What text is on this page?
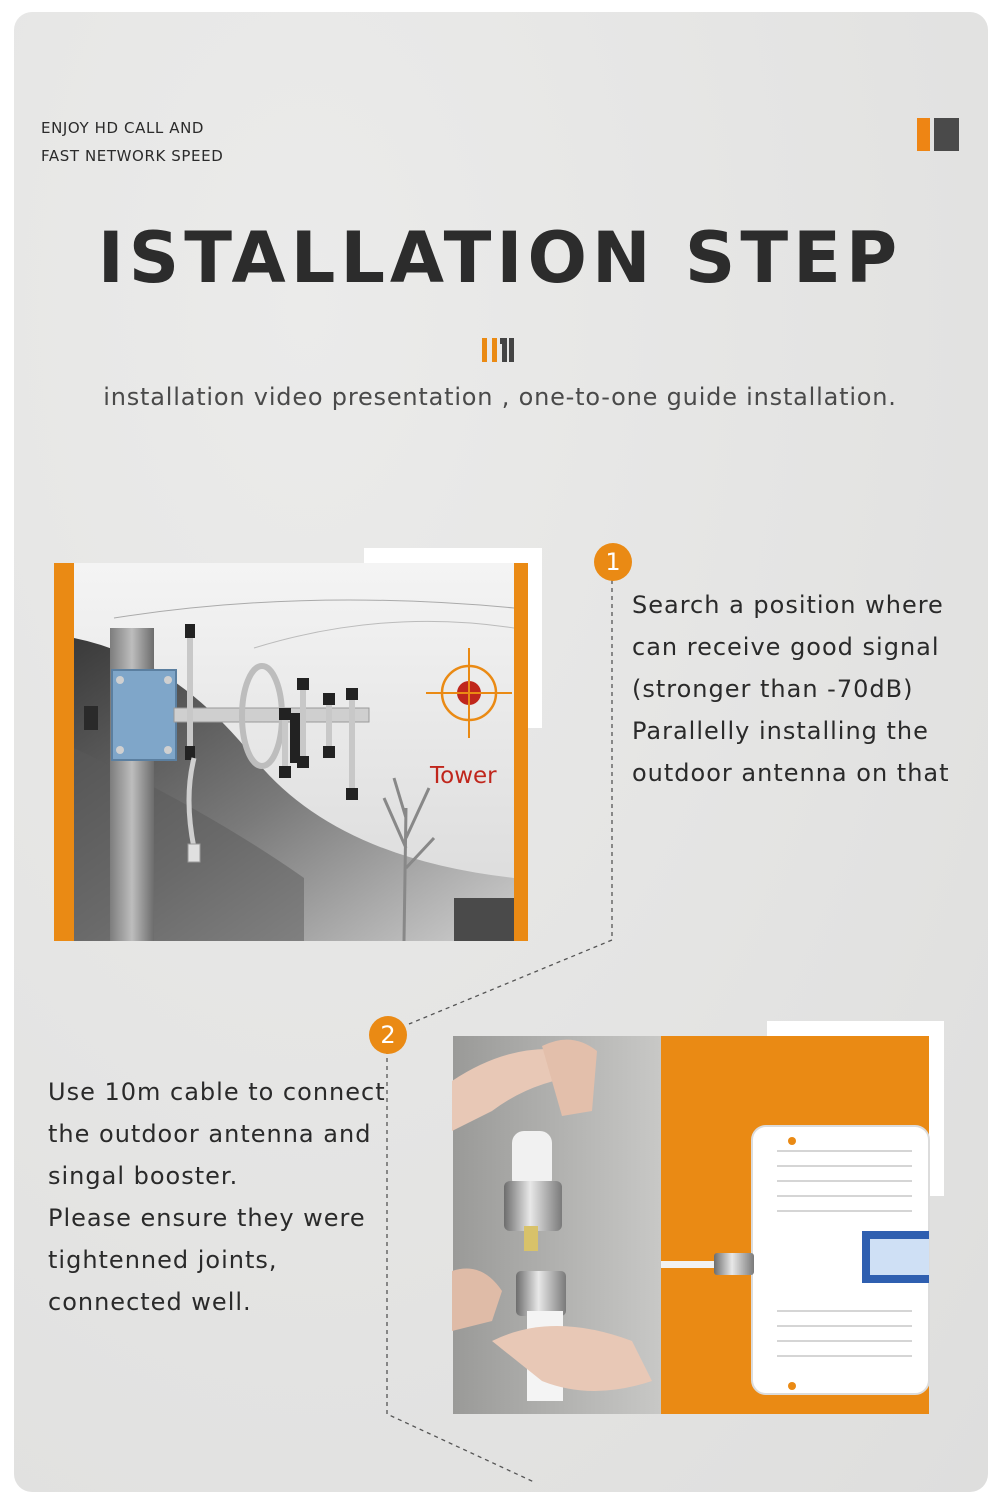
ENJOY HD CALL AND
FAST NETWORK SPEED
ISTALLATION STEP
installation video presentation , one-to-one guide installation.
Tower
1
Search a position where
can receive good signal
(stronger than -70dB)
Parallelly installing the
outdoor antenna on that
2
Use 10m cable to connect
the outdoor antenna and
singal booster.
Please ensure they were
tightenned joints,
connected well.
